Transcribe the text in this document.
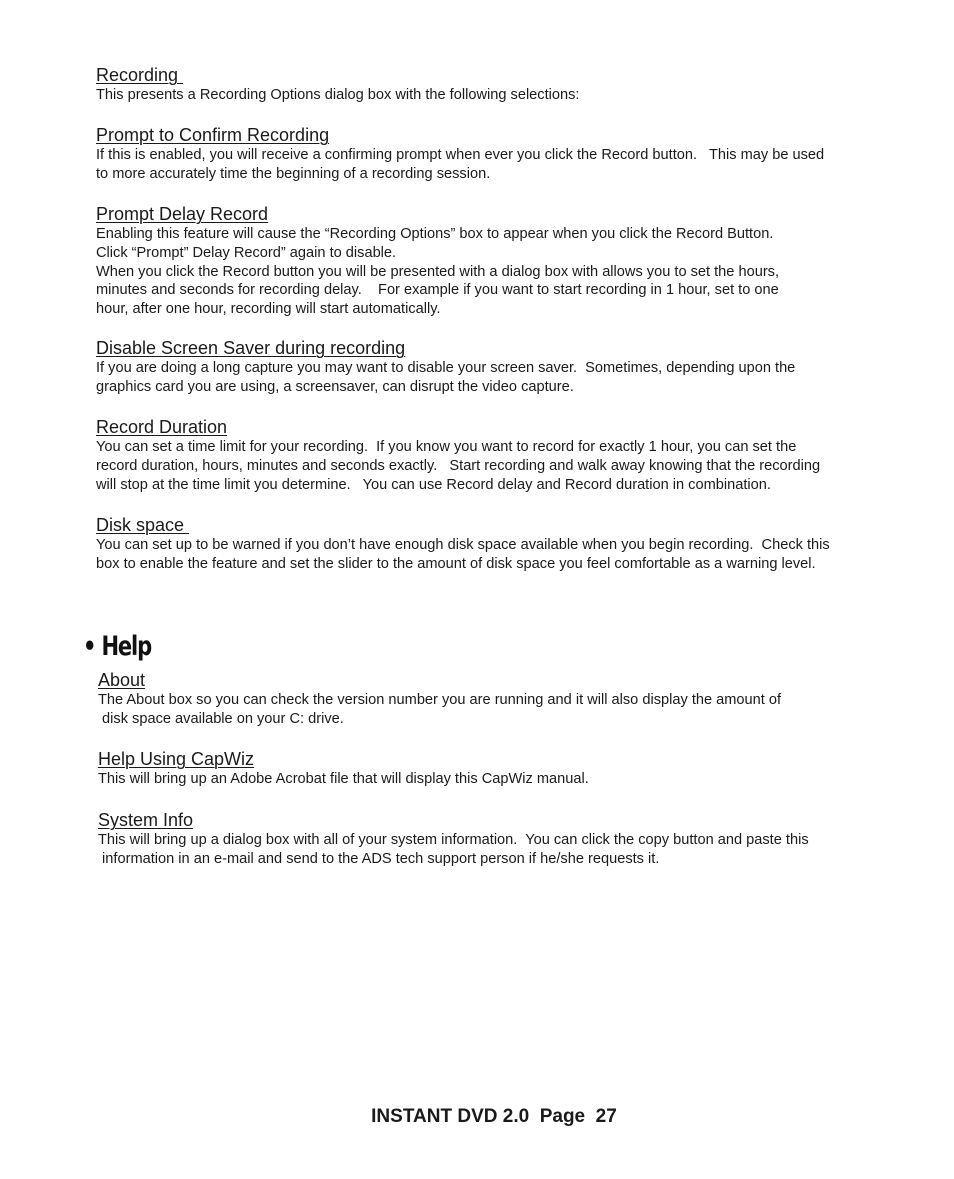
Recording

This presents a Recording Options dialog box with the following selections:

Prompt to Confirm Recording

If this is enabled, you will receive a confirming prompt when ever you click the Record button.   This may be used
to more accurately time the beginning of a recording session.

Prompt Delay Record

Enabling this feature will cause the “Recording Options” box to appear when you click the Record Button.
Click “Prompt” Delay Record” again to disable.
When you click the Record button you will be presented with a dialog box with allows you to set the hours,
minutes and seconds for recording delay.    For example if you want to start recording in 1 hour, set to one
hour, after one hour, recording will start automatically.

Disable Screen Saver during recording

If you are doing a long capture you may want to disable your screen saver.  Sometimes, depending upon the
graphics card you are using, a screensaver, can disrupt the video capture.

Record Duration

You can set a time limit for your recording.  If you know you want to record for exactly 1 hour, you can set the
record duration, hours, minutes and seconds exactly.   Start recording and walk away knowing that the recording
will stop at the time limit you determine.   You can use Record delay and Record duration in combination.

Disk space

You can set up to be warned if you don’t have enough disk space available when you begin recording.  Check this
box to enable the feature and set the slider to the amount of disk space you feel comfortable as a warning level.

• Help
About

The About box so you can check the version number you are running and it will also display the amount of
disk space available on your C: drive.

Help Using CapWiz

This will bring up an Adobe Acrobat file that will display this CapWiz manual.

System Info

This will bring up a dialog box with all of your system information.  You can click the copy button and paste this
information in an e-mail and send to the ADS tech support person if he/she requests it.

INSTANT DVD 2.0  Page  27
